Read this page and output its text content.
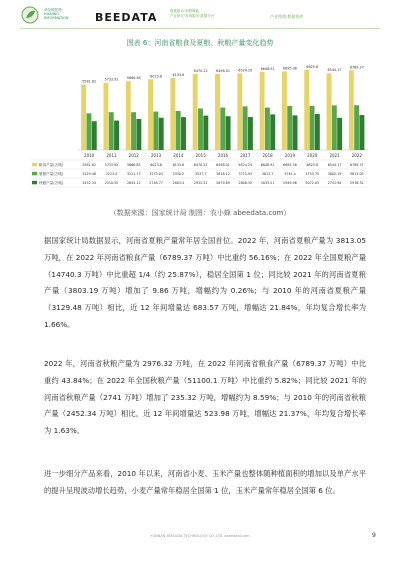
华经情报网
HUAJING INFORMATION	BEEDATA	数据驱动·洞察赋能
产业研究·咨询服务·数据平台	产业图谱 数据智库
图表 6：河南省粮食及夏粮、秋粮产量变化趋势
5581.82
2010
5733.92
2011
5866.85
2012
6023.8
2013
6133.6
2014
6470.22
2015
6498.01
2016
6524.25
2017
6648.91
2018
6695.36
2019
6825.8
2020
6544.17
2021
6789.37
2022
粮食产量(万吨)	5581.82	5733.92	5866.85	6023.8	6133.6	6470.22	6498.01	6524.25	6648.91	6695.36	6825.8	6544.17	6789.37
夏粮产量(万吨)	3129.48	3223.4	3221.73	3275.03	3330.2	3537.7	3618.12	3715.93	3613.7	3745.4	3753.75	3802.19	3813.05
秋粮产量(万吨)	2452.34	2510.52	2645.12	2748.77	2803.4	2932.52	2879.89	2808.32	3035.21	2949.96	3072.05	2741.98	2976.32
（数据来源：国家统计局 制图：农小蜂 abeedata.com）
据国家统计局数据显示，河南省夏粮产量常年居全国首位。2022 年，河南省夏粮产量为 3813.05 万吨，在 2022 年河南省粮食产量（6789.37 万吨）中比重约 56.16%；在 2022 年全国夏粮产量（14740.3 万吨）中比重超 1/4（约 25.87%），稳居全国第 1 位；同比较 2021 年的河南省夏粮产量（3803.19 万吨）增加了 9.86 万吨，增幅约为 0.26%；与 2010 年的河南省夏粮产量（3129.48 万吨）相比，近 12 年间增量达 683.57 万吨，增幅达 21.84%，年均复合增长率为 1.66%。
2022 年，河南省秋粮产量为 2976.32 万吨，在 2022 年河南省粮食产量（6789.37 万吨）中比重约 43.84%；在 2022 年全国秋粮产量（51100.1 万吨）中比重约 5.82%；同比较 2021 年的河南省秋粮产量（2741 万吨）增加了 235.32 万吨，增幅约为 8.59%；与 2010 年的河南省秋粮产量（2452.34 万吨）相比，近 12 年间增量达 523.98 万吨，增幅达 21.37%，年均复合增长率为 1.63%。
进一步细分产品来看，2010 年以来，河南省小麦、玉米产量也整体随种植面积的增加以及单产水平的提升呈现波动增长趋势，小麦产量常年稳居全国第 1 位，玉米产量常年稳居全国第 6 位。
YUNNAN BEEDATA TECHNOLOGY CO.,LTD. abeedata.com	9
